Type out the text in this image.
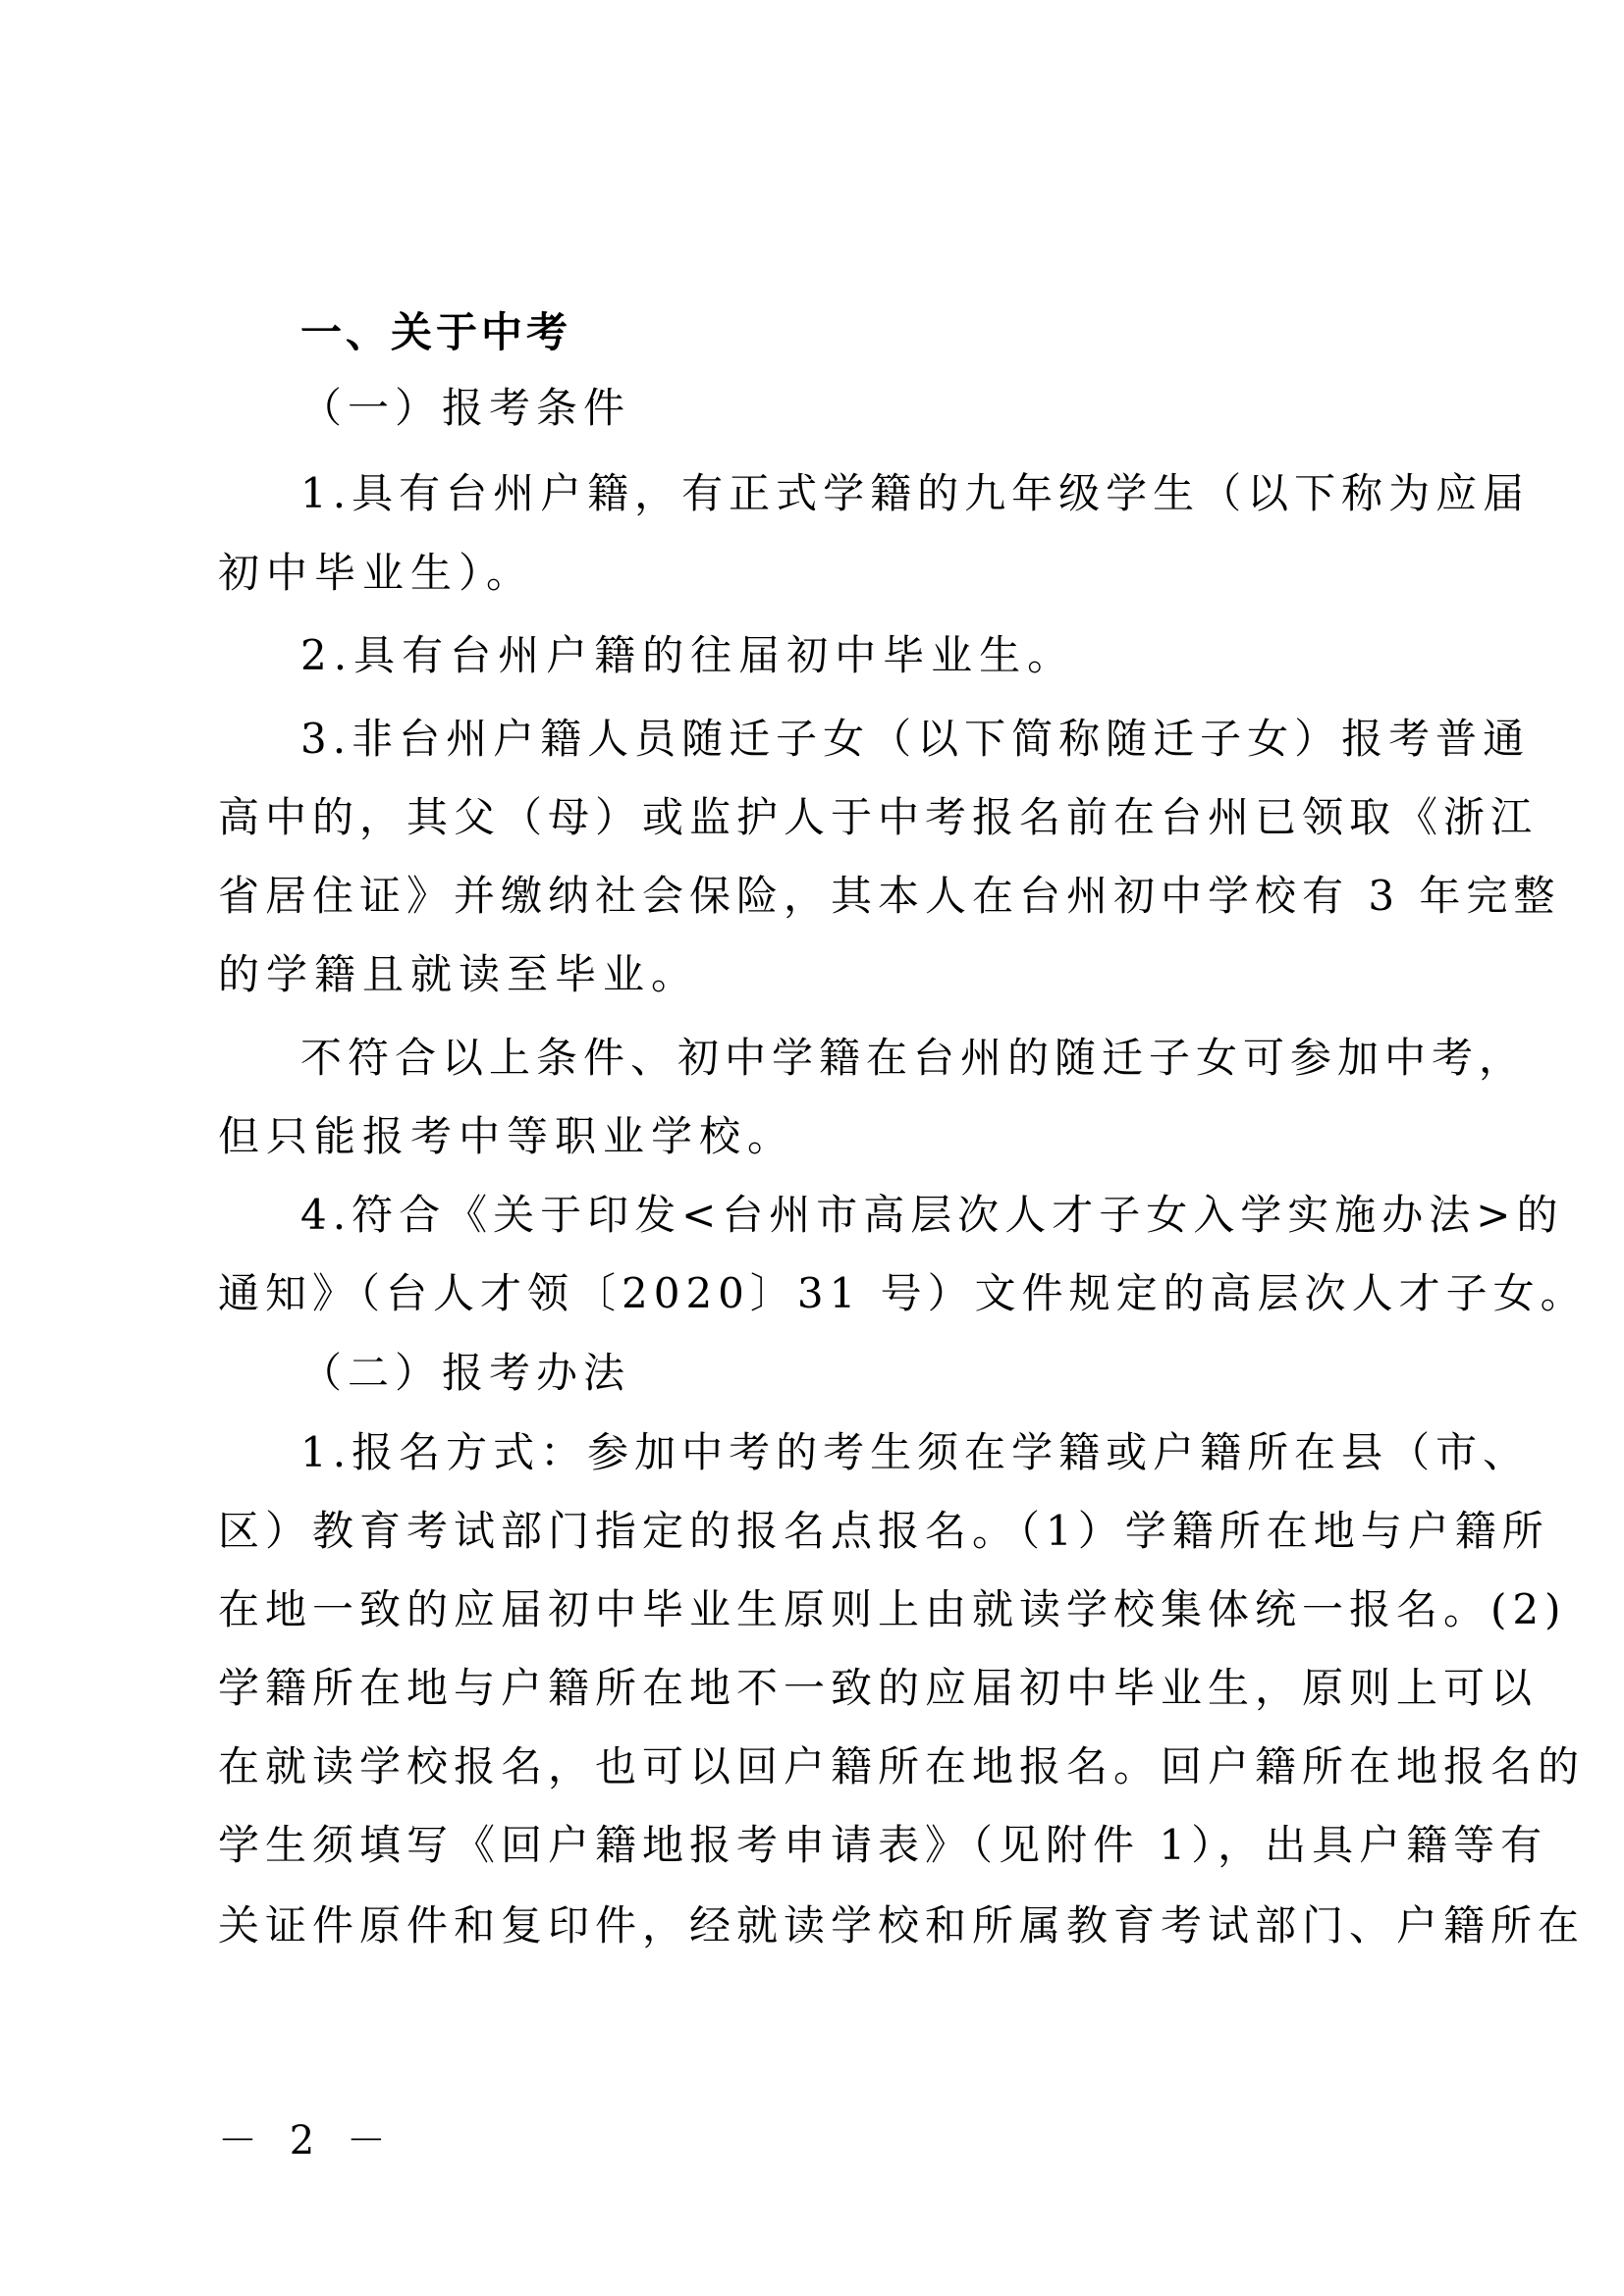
一、关于中考
（一）报考条件
1.具有台州户籍，有正式学籍的九年级学生（以下称为应届
初中毕业生）。
2.具有台州户籍的往届初中毕业生。
3.非台州户籍人员随迁子女（以下简称随迁子女）报考普通
高中的，其父（母）或监护人于中考报名前在台州已领取《浙江
省居住证》并缴纳社会保险，其本人在台州初中学校有 3 年完整
的学籍且就读至毕业。
不符合以上条件、初中学籍在台州的随迁子女可参加中考，
但只能报考中等职业学校。
4.符合《关于印发<台州市高层次人才子女入学实施办法>的
通知》（台人才领〔2020〕31 号）文件规定的高层次人才子女。
（二）报考办法
1.报名方式：参加中考的考生须在学籍或户籍所在县（市、
区）教育考试部门指定的报名点报名。（1）学籍所在地与户籍所
在地一致的应届初中毕业生原则上由就读学校集体统一报名。(2)
学籍所在地与户籍所在地不一致的应届初中毕业生，原则上可以
在就读学校报名，也可以回户籍所在地报名。回户籍所在地报名的
学生须填写《回户籍地报考申请表》（见附件 1），出具户籍等有
关证件原件和复印件，经就读学校和所属教育考试部门、户籍所在
－ 2 －
